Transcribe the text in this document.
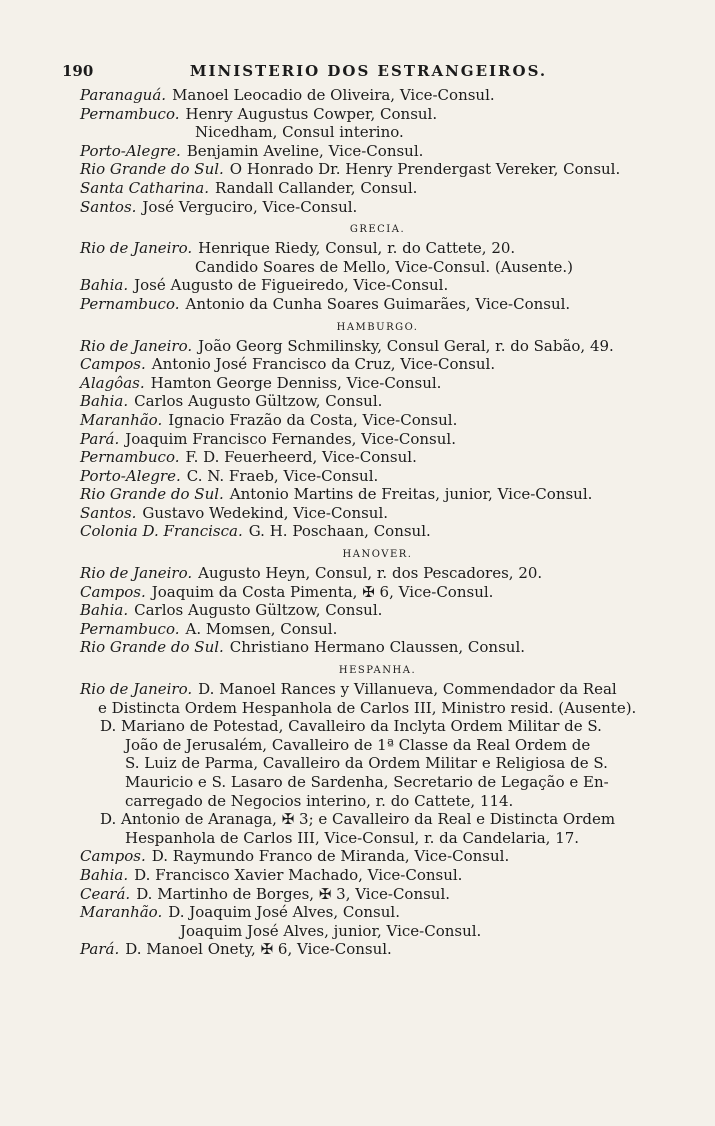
190	MINISTERIO DOS ESTRANGEIROS.
Paranaguá. Manoel Leocadio de Oliveira, Vice-Consul.
Pernambuco. Henry Augustus Cowper, Consul.
Nicedham, Consul interino.
Porto-Alegre. Benjamin Aveline, Vice-Consul.
Rio Grande do Sul. O Honrado Dr. Henry Prendergast Vereker, Consul.
Santa Catharina. Randall Callander, Consul.
Santos. José Verguciro, Vice-Consul.
GRECIA.
Rio de Janeiro. Henrique Riedy, Consul, r. do Cattete, 20.
Candido Soares de Mello, Vice-Consul. (Ausente.)
Bahia. José Augusto de Figueiredo, Vice-Consul.
Pernambuco. Antonio da Cunha Soares Guimarães, Vice-Consul.
HAMBURGO.
Rio de Janeiro. João Georg Schmilinsky, Consul Geral, r. do Sabão, 49.
Campos. Antonio José Francisco da Cruz, Vice-Consul.
Alagôas. Hamton George Denniss, Vice-Consul.
Bahia. Carlos Augusto Gültzow, Consul.
Maranhão. Ignacio Frazão da Costa, Vice-Consul.
Pará. Joaquim Francisco Fernandes, Vice-Consul.
Pernambuco. F. D. Feuerheerd, Vice-Consul.
Porto-Alegre. C. N. Fraeb, Vice-Consul.
Rio Grande do Sul. Antonio Martins de Freitas, junior, Vice-Consul.
Santos. Gustavo Wedekind, Vice-Consul.
Colonia D. Francisca. G. H. Poschaan, Consul.
HANOVER.
Rio de Janeiro. Augusto Heyn, Consul, r. dos Pescadores, 20.
Campos. Joaquim da Costa Pimenta, ✠ 6, Vice-Consul.
Bahia. Carlos Augusto Gültzow, Consul.
Pernambuco. A. Momsen, Consul.
Rio Grande do Sul. Christiano Hermano Claussen, Consul.
HESPANHA.
Rio de Janeiro. D. Manoel Rances y Villanueva, Commendador da Real
e Distincta Ordem Hespanhola de Carlos III, Ministro resid. (Ausente).
D. Mariano de Potestad, Cavalleiro da Inclyta Ordem Militar de S.
João de Jerusalém, Cavalleiro de 1ª Classe da Real Ordem de
S. Luiz de Parma, Cavalleiro da Ordem Militar e Religiosa de S.
Mauricio e S. Lasaro de Sardenha, Secretario de Legação e En-
carregado de Negocios interino, r. do Cattete, 114.
D. Antonio de Aranaga, ✠ 3; e Cavalleiro da Real e Distincta Ordem
Hespanhola de Carlos III, Vice-Consul, r. da Candelaria, 17.
Campos. D. Raymundo Franco de Miranda, Vice-Consul.
Bahia. D. Francisco Xavier Machado, Vice-Consul.
Ceará. D. Martinho de Borges, ✠ 3, Vice-Consul.
Maranhão. D. Joaquim José Alves, Consul.
Joaquim José Alves, junior, Vice-Consul.
Pará. D. Manoel Onety, ✠ 6, Vice-Consul.
